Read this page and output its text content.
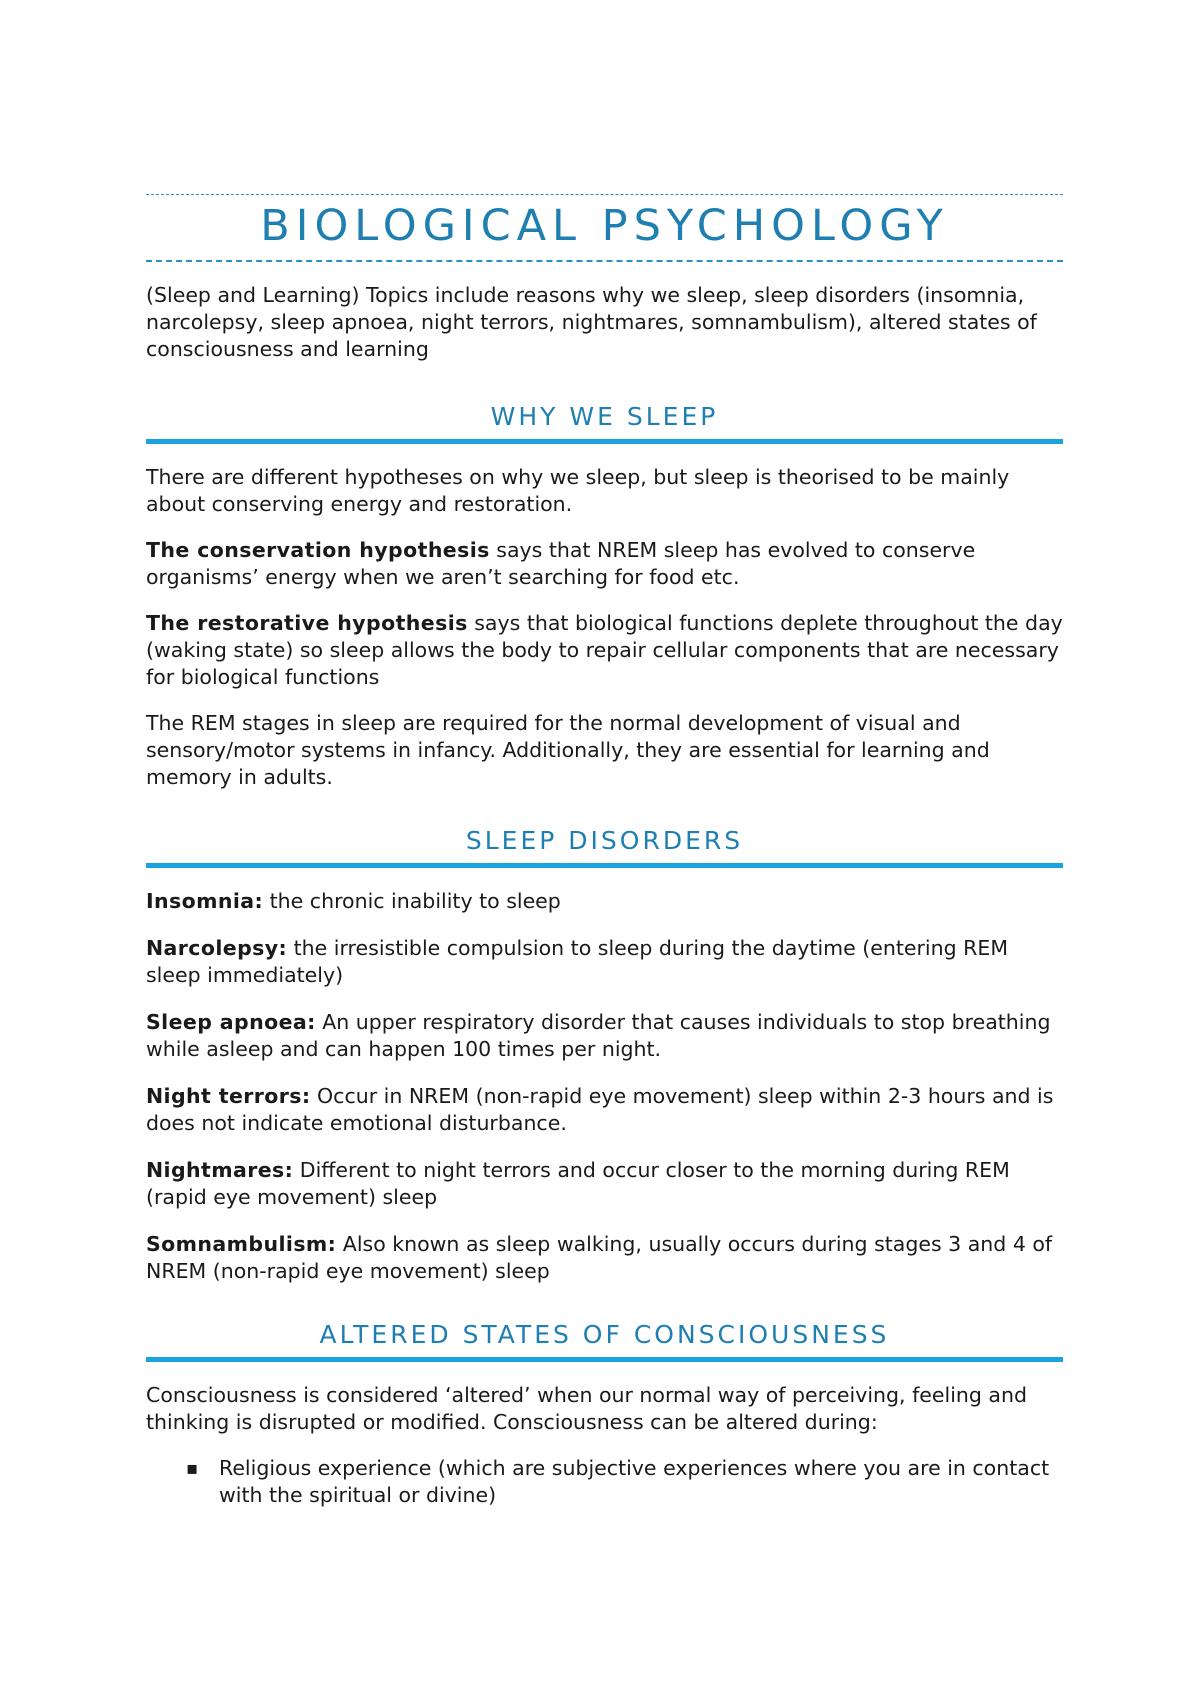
BIOLOGICAL PSYCHOLOGY

(Sleep and Learning) Topics include reasons why we sleep, sleep disorders (insomnia, narcolepsy, sleep apnoea, night terrors, nightmares, somnambulism), altered states of consciousness and learning

WHY WE SLEEP

There are different hypotheses on why we sleep, but sleep is theorised to be mainly about conserving energy and restoration.

The conservation hypothesis says that NREM sleep has evolved to conserve organisms’ energy when we aren’t searching for food etc.

The restorative hypothesis says that biological functions deplete throughout the day (waking state) so sleep allows the body to repair cellular components that are necessary for biological functions

The REM stages in sleep are required for the normal development of visual and sensory/motor systems in infancy. Additionally, they are essential for learning and memory in adults.

SLEEP DISORDERS

Insomnia: the chronic inability to sleep

Narcolepsy: the irresistible compulsion to sleep during the daytime (entering REM sleep immediately)

Sleep apnoea: An upper respiratory disorder that causes individuals to stop breathing while asleep and can happen 100 times per night.

Night terrors: Occur in NREM (non-rapid eye movement) sleep within 2-3 hours and is does not indicate emotional disturbance.

Nightmares: Different to night terrors and occur closer to the morning during REM (rapid eye movement) sleep

Somnambulism: Also known as sleep walking, usually occurs during stages 3 and 4 of NREM (non-rapid eye movement) sleep

ALTERED STATES OF CONSCIOUSNESS

Consciousness is considered ‘altered’ when our normal way of perceiving, feeling and thinking is disrupted or modified. Consciousness can be altered during:

▪ Religious experience (which are subjective experiences where you are in contact with the spiritual or divine)
